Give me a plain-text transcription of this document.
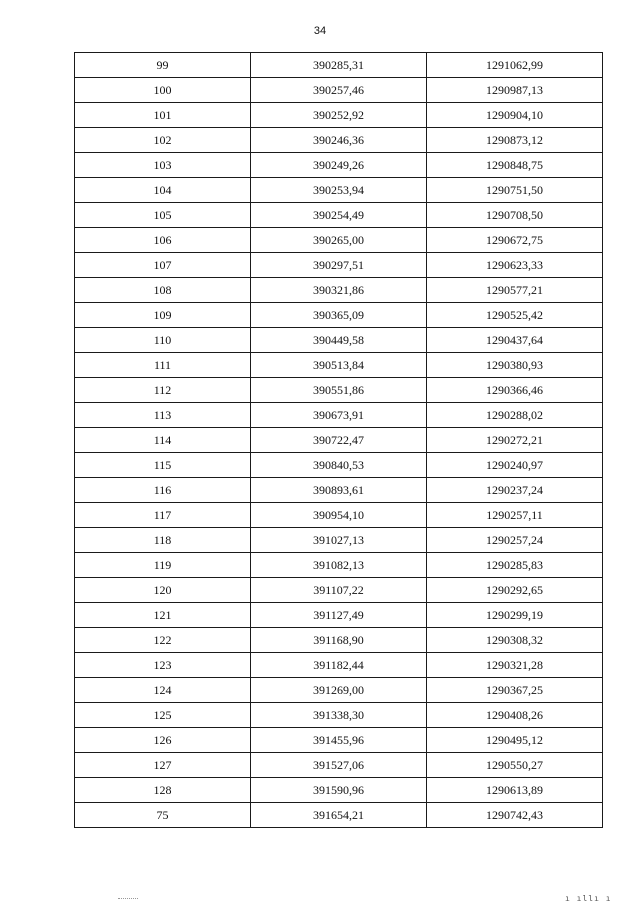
34
99	390285,31	1291062,99
100	390257,46	1290987,13
101	390252,92	1290904,10
102	390246,36	1290873,12
103	390249,26	1290848,75
104	390253,94	1290751,50
105	390254,49	1290708,50
106	390265,00	1290672,75
107	390297,51	1290623,33
108	390321,86	1290577,21
109	390365,09	1290525,42
110	390449,58	1290437,64
111	390513,84	1290380,93
112	390551,86	1290366,46
113	390673,91	1290288,02
114	390722,47	1290272,21
115	390840,53	1290240,97
116	390893,61	1290237,24
117	390954,10	1290257,11
118	391027,13	1290257,24
119	391082,13	1290285,83
120	391107,22	1290292,65
121	391127,49	1290299,19
122	391168,90	1290308,32
123	391182,44	1290321,28
124	391269,00	1290367,25
125	391338,30	1290408,26
126	391455,96	1290495,12
127	391527,06	1290550,27
128	391590,96	1290613,89
75	391654,21	1290742,43
ı ıllı ı
